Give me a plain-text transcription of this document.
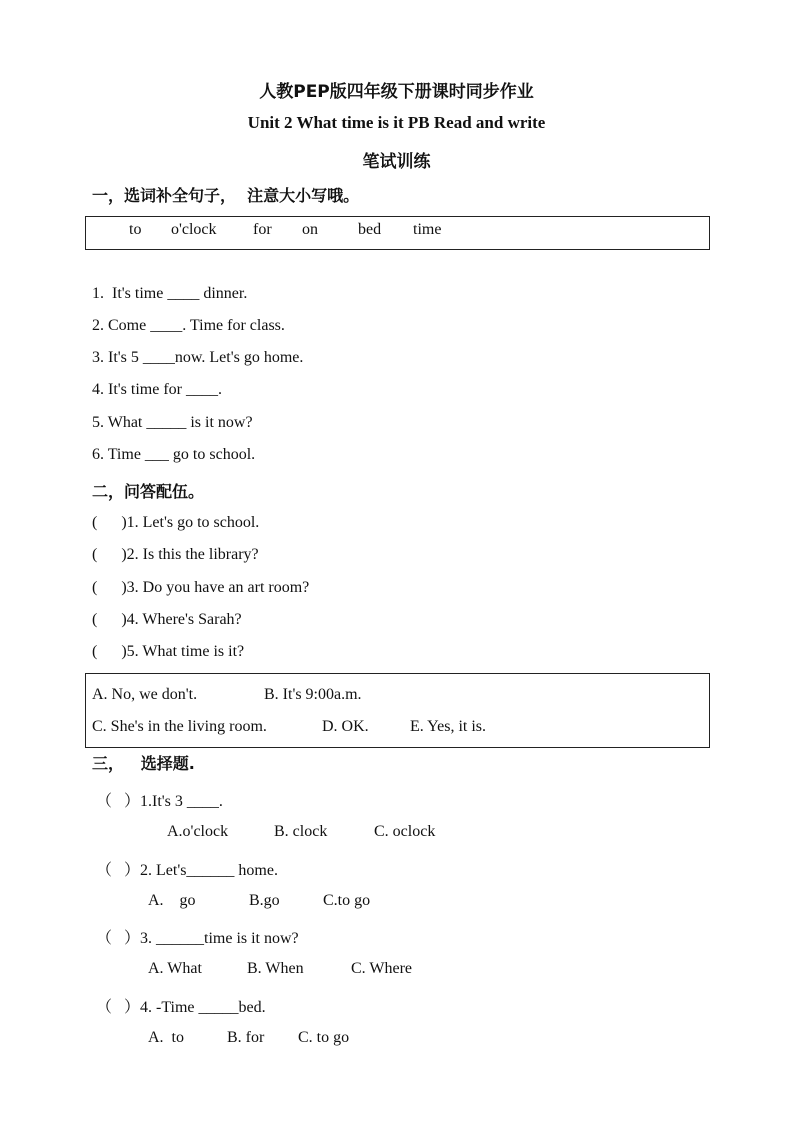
人教PEP版四年级下册课时同步作业
Unit 2 What time is it PB Read and write
笔试训练
一，选词补全句子，  注意大小写哦。
to o'clock for on	bed time
1.  It's time ____ dinner.
2. Come ____. Time for class.
3. It's 5 ____now. Let's go home.
4. It's time for ____.
5. What _____ is it now?
6. Time ___ go to school.
二，问答配伍。
(      )1. Let's go to school.
(      )2. Is this the library?
(      )3. Do you have an art room?
(      )4. Where's Sarah?
(      )5. What time is it?
A. No, we don't.	B. It's 9:00a.m.
C. She's in the living room.	D. OK.	E. Yes, it is.
三，   选择题.
（   ）1.It's 3 ____.
A.o'clock	B. clock	C. oclock
（   ）2. Let's______ home.
A.    go	B.go	C.to go
（   ）3. ______time is it now?
A. What	B. When	C. Where
（   ）4. -Time _____bed.
A.  to	B. for C. to go
